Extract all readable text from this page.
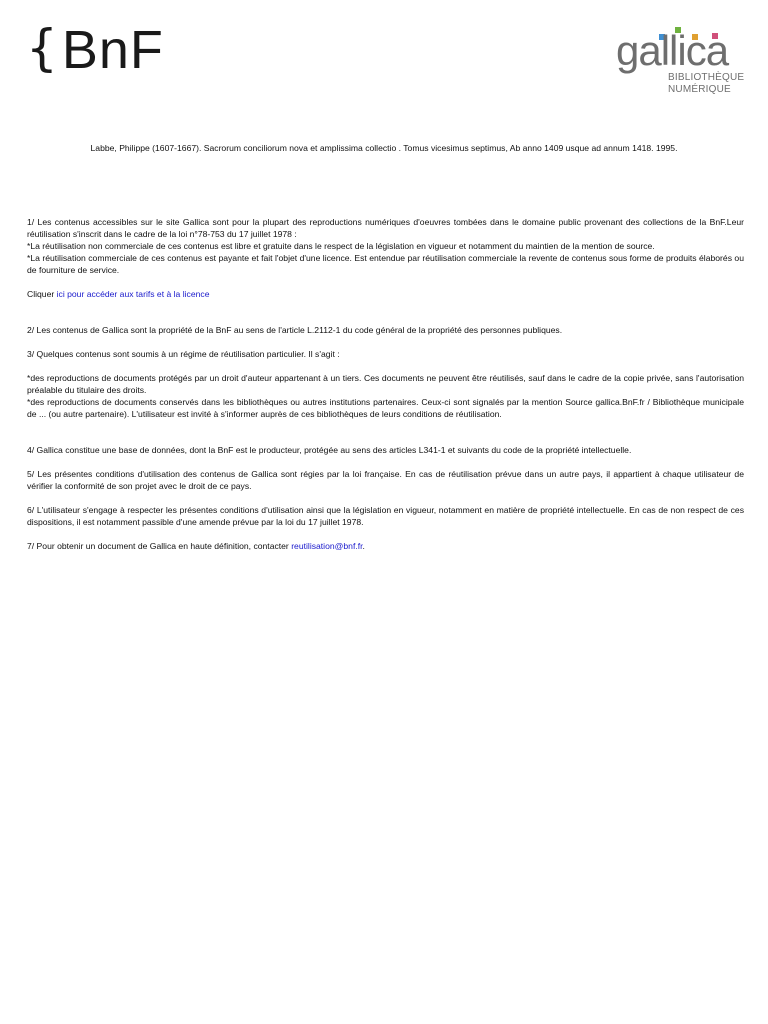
{ BnF	gallica
BIBLIOTHÈQUE
NUMÉRIQUE
Labbe, Philippe (1607-1667). Sacrorum conciliorum nova et amplissima collectio . Tomus vicesimus septimus, Ab anno 1409 usque ad annum 1418. 1995.

1/ Les contenus accessibles sur le site Gallica sont pour la plupart des reproductions numériques d'oeuvres tombées dans le domaine public provenant des collections de la BnF.Leur réutilisation s'inscrit dans le cadre de la loi n°78-753 du 17 juillet 1978 :

*La réutilisation non commerciale de ces contenus est libre et gratuite dans le respect de la législation en vigueur et notamment du maintien de la mention de source.

*La réutilisation commerciale de ces contenus est payante et fait l'objet d'une licence. Est entendue par réutilisation commerciale la revente de contenus sous forme de produits élaborés ou de fourniture de service.

Cliquer ici pour accéder aux tarifs et à la licence

2/ Les contenus de Gallica sont la propriété de la BnF au sens de l'article L.2112-1 du code général de la propriété des personnes publiques.

3/ Quelques contenus sont soumis à un régime de réutilisation particulier. Il s'agit :

*des reproductions de documents protégés par un droit d'auteur appartenant à un tiers. Ces documents ne peuvent être réutilisés, sauf dans le cadre de la copie privée, sans l'autorisation préalable du titulaire des droits.

*des reproductions de documents conservés dans les bibliothèques ou autres institutions partenaires. Ceux-ci sont signalés par la mention Source gallica.BnF.fr / Bibliothèque municipale de ... (ou autre partenaire). L'utilisateur est invité à s'informer auprès de ces bibliothèques de leurs conditions de réutilisation.

4/ Gallica constitue une base de données, dont la BnF est le producteur, protégée au sens des articles L341-1 et suivants du code de la propriété intellectuelle.

5/ Les présentes conditions d'utilisation des contenus de Gallica sont régies par la loi française. En cas de réutilisation prévue dans un autre pays, il appartient à chaque utilisateur de vérifier la conformité de son projet avec le droit de ce pays.

6/ L'utilisateur s'engage à respecter les présentes conditions d'utilisation ainsi que la législation en vigueur, notamment en matière de propriété intellectuelle. En cas de non respect de ces dispositions, il est notamment passible d'une amende prévue par la loi du 17 juillet 1978.

7/ Pour obtenir un document de Gallica en haute définition, contacter reutilisation@bnf.fr.
